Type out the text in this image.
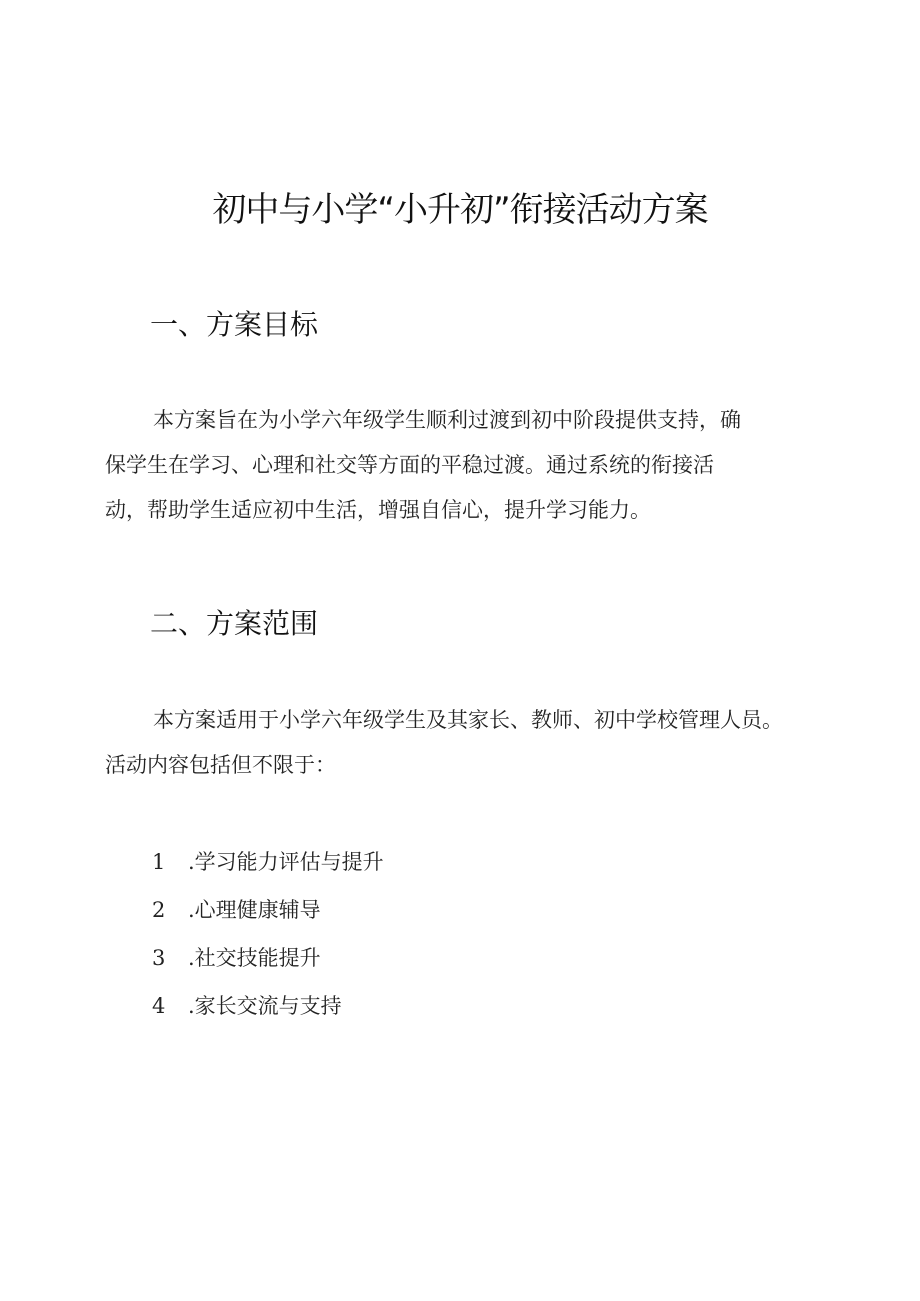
初中与小学“小升初”衔接活动方案
一、方案目标
本方案旨在为小学六年级学生顺利过渡到初中阶段提供支持，确
保学生在学习、心理和社交等方面的平稳过渡。通过系统的衔接活
动，帮助学生适应初中生活，增强自信心，提升学习能力。
二、方案范围
本方案适用于小学六年级学生及其家长、教师、初中学校管理人员。
活动内容包括但不限于：
1 .学习能力评估与提升
2 .心理健康辅导
3 .社交技能提升
4 .家长交流与支持
